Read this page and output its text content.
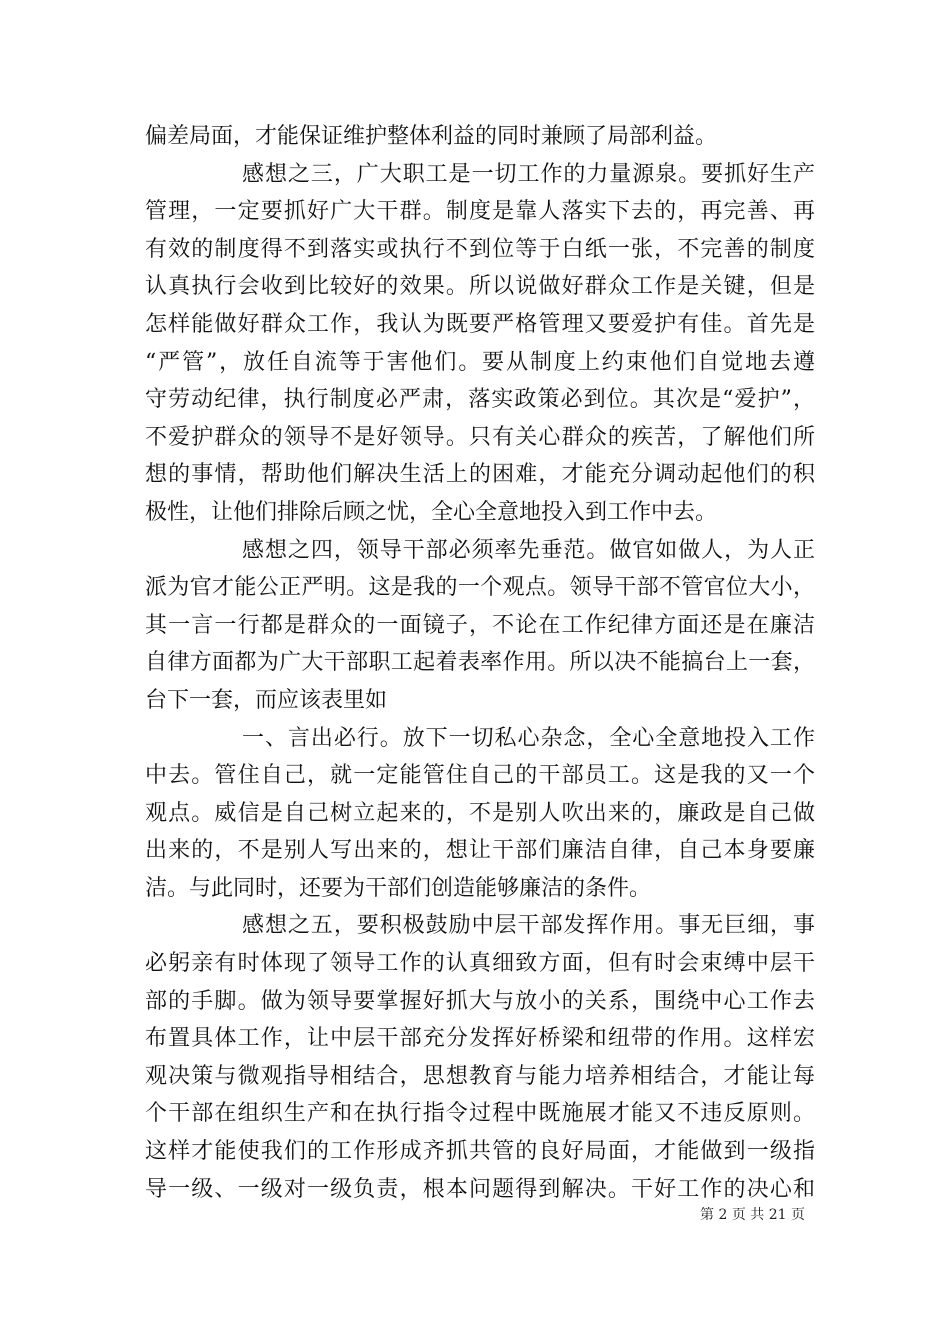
偏差局面，才能保证维护整体利益的同时兼顾了局部利益。
感想之三，广大职工是一切工作的力量源泉。要抓好生产
管理，一定要抓好广大干群。制度是靠人落实下去的，再完善、再
有效的制度得不到落实或执行不到位等于白纸一张，不完善的制度
认真执行会收到比较好的效果。所以说做好群众工作是关键，但是
怎样能做好群众工作，我认为既要严格管理又要爱护有佳。首先是
“严管”，放任自流等于害他们。要从制度上约束他们自觉地去遵
守劳动纪律，执行制度必严肃，落实政策必到位。其次是“爱护”，
不爱护群众的领导不是好领导。只有关心群众的疾苦，了解他们所
想的事情，帮助他们解决生活上的困难，才能充分调动起他们的积
极性，让他们排除后顾之忧，全心全意地投入到工作中去。
感想之四，领导干部必须率先垂范。做官如做人，为人正
派为官才能公正严明。这是我的一个观点。领导干部不管官位大小，
其一言一行都是群众的一面镜子，不论在工作纪律方面还是在廉洁
自律方面都为广大干部职工起着表率作用。所以决不能搞台上一套，
台下一套，而应该表里如
一、言出必行。放下一切私心杂念，全心全意地投入工作
中去。管住自己，就一定能管住自己的干部员工。这是我的又一个
观点。威信是自己树立起来的，不是别人吹出来的，廉政是自己做
出来的，不是别人写出来的，想让干部们廉洁自律，自己本身要廉
洁。与此同时，还要为干部们创造能够廉洁的条件。
感想之五，要积极鼓励中层干部发挥作用。事无巨细，事
必躬亲有时体现了领导工作的认真细致方面，但有时会束缚中层干
部的手脚。做为领导要掌握好抓大与放小的关系，围绕中心工作去
布置具体工作，让中层干部充分发挥好桥梁和纽带的作用。这样宏
观决策与微观指导相结合，思想教育与能力培养相结合，才能让每
个干部在组织生产和在执行指令过程中既施展才能又不违反原则。
这样才能使我们的工作形成齐抓共管的良好局面，才能做到一级指
导一级、一级对一级负责，根本问题得到解决。干好工作的决心和
第 2 页 共 21 页
